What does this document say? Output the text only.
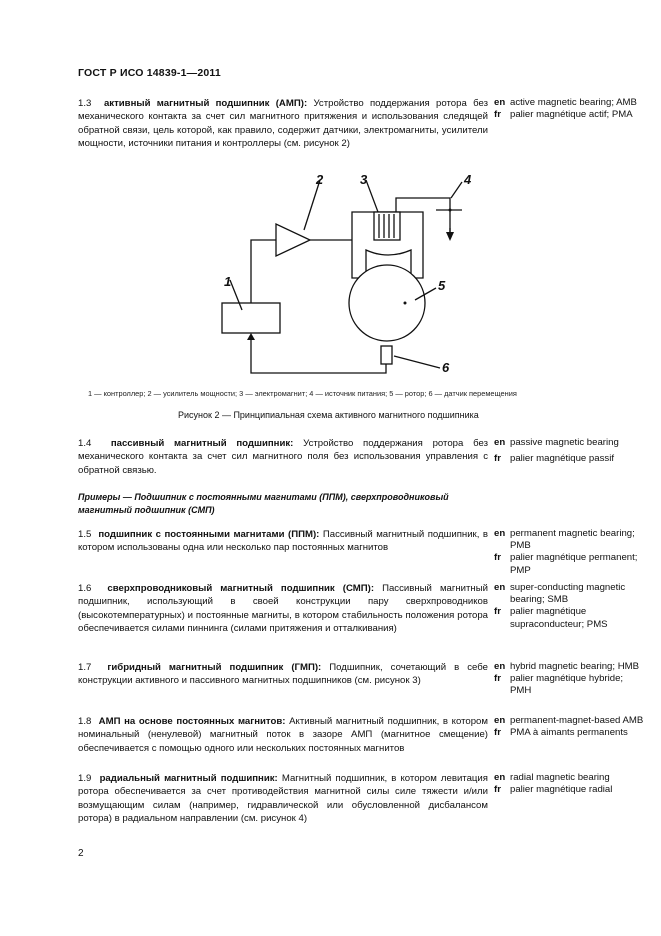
ГОСТ Р ИСО 14839-1—2011
1.3 активный магнитный подшипник (АМП): Устройство поддержания ротора без механического контакта за счет сил магнитного притяжения и использования следящей обратной связи, цель которой, как правило, содержит датчики, электромагниты, усилители мощности, источники питания и контроллеры (см. рисунок 2)
en active magnetic bearing; AMB
fr palier magnétique actif; PMA
2	3	4
1	5
6
1 — контроллер; 2 — усилитель мощности; 3 — электромагнит; 4 — источник питания; 5 — ротор; 6 — датчик перемещения
Рисунок 2 — Принципиальная схема активного магнитного подшипника
1.4 пассивный магнитный подшипник: Устройство поддержания ротора без механического контакта за счет сил магнитного поля без использования управления с обратной связью.
en passive magnetic bearing
fr palier magnétique passif
Примеры — Подшипник с постоянными магнитами (ППМ), сверхпроводниковый магнитный подшипник (СМП)
1.5 подшипник с постоянными магнитами (ППМ): Пассивный магнитный подшипник, в котором использованы одна или несколько пар постоянных магнитов
en permanent magnetic bearing; PMB
fr palier magnétique permanent; PMP
1.6 сверхпроводниковый магнитный подшипник (СМП): Пассивный магнитный подшипник, использующий в своей конструкции пару сверхпроводников (высокотемпературных) и постоянные магниты, в котором стабильность положения ротора обеспечивается силами пиннинга (силами притяжения и отталкивания)
en super-conducting magnetic bearing; SMB
fr palier magnétique supraconducteur; PMS
1.7 гибридный магнитный подшипник (ГМП): Подшипник, сочетающий в себе конструкции активного и пассивного магнитных подшипников (см. рисунок 3)
en hybrid magnetic bearing; HMB
fr palier magnétique hybride; PMH
1.8 АМП на основе постоянных магнитов: Активный магнитный подшипник, в котором номинальный (ненулевой) магнитный поток в зазоре АМП (магнитное смещение) обеспечивается с помощью одного или нескольких постоянных магнитов
en permanent-magnet-based AMB
fr PMA à aimants permanents
1.9 радиальный магнитный подшипник: Магнитный подшипник, в котором левитация ротора обеспечивается за счет противодействия магнитной силы силе тяжести и/или возмущающим силам (например, гидравлической или обусловленной дисбалансом ротора) в радиальном направлении (см. рисунок 4)
en radial magnetic bearing
fr palier magnétique radial
2
